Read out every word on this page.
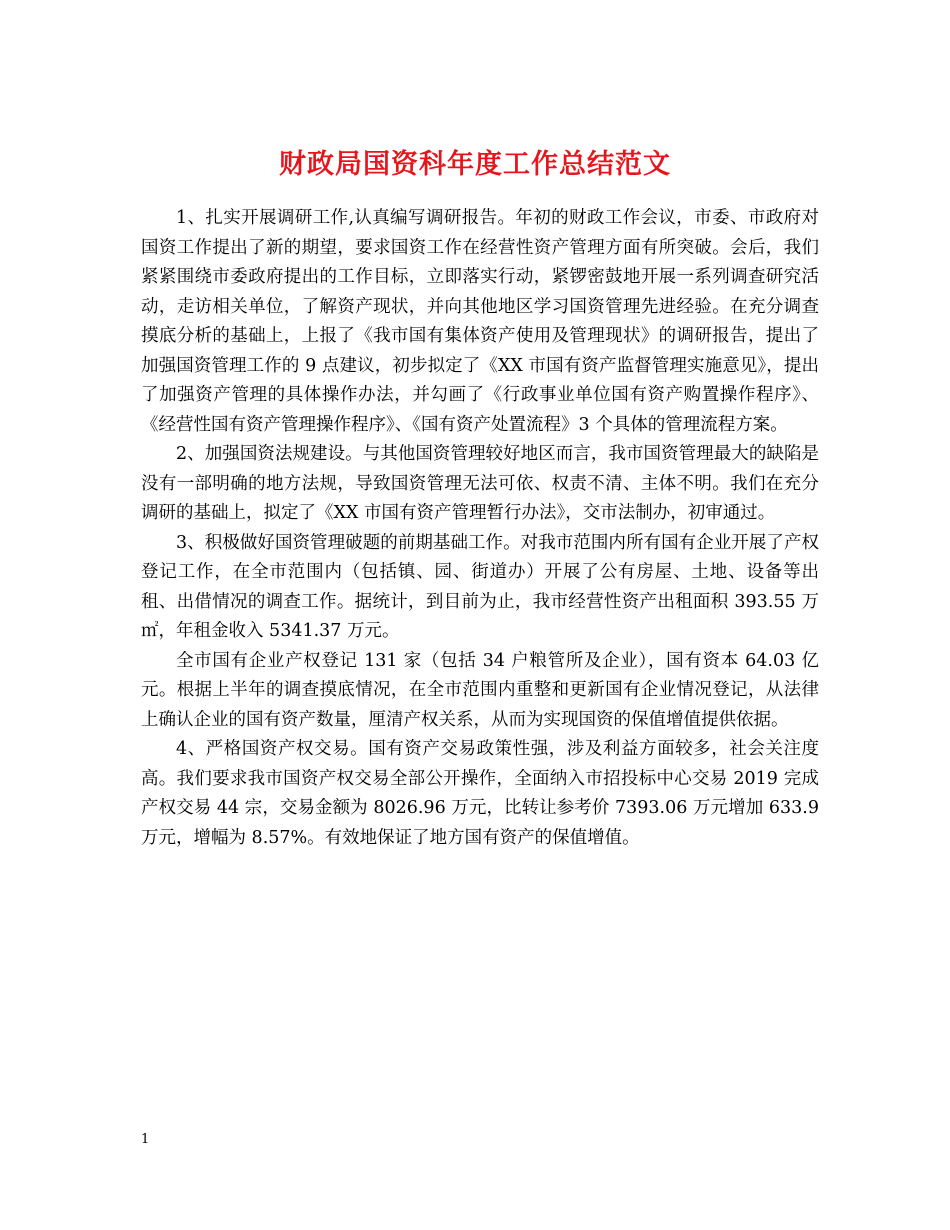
财政局国资科年度工作总结范文

1、扎实开展调研工作,认真编写调研报告。年初的财政工作会议，市委、市政府对国资工作提出了新的期望，要求国资工作在经营性资产管理方面有所突破。会后，我们紧紧围绕市委政府提出的工作目标，立即落实行动，紧锣密鼓地开展一系列调查研究活动，走访相关单位，了解资产现状，并向其他地区学习国资管理先进经验。在充分调查摸底分析的基础上，上报了《我市国有集体资产使用及管理现状》的调研报告，提出了加强国资管理工作的 9 点建议，初步拟定了《XX 市国有资产监督管理实施意见》，提出了加强资产管理的具体操作办法，并勾画了《行政事业单位国有资产购置操作程序》、《经营性国有资产管理操作程序》、《国有资产处置流程》3 个具体的管理流程方案。

2、加强国资法规建设。与其他国资管理较好地区而言，我市国资管理最大的缺陷是没有一部明确的地方法规，导致国资管理无法可依、权责不清、主体不明。我们在充分调研的基础上，拟定了《XX 市国有资产管理暂行办法》，交市法制办，初审通过。

3、积极做好国资管理破题的前期基础工作。对我市范围内所有国有企业开展了产权登记工作，在全市范围内（包括镇、园、街道办）开展了公有房屋、土地、设备等出租、出借情况的调查工作。据统计，到目前为止，我市经营性资产出租面积 393.55 万㎡，年租金收入 5341.37 万元。

全市国有企业产权登记 131 家（包括 34 户粮管所及企业），国有资本 64.03 亿元。根据上半年的调查摸底情况，在全市范围内重整和更新国有企业情况登记，从法律上确认企业的国有资产数量，厘清产权关系，从而为实现国资的保值增值提供依据。

4、严格国资产权交易。国有资产交易政策性强，涉及利益方面较多，社会关注度高。我们要求我市国资产权交易全部公开操作，全面纳入市招投标中心交易 2019 完成产权交易 44 宗，交易金额为 8026.96 万元，比转让参考价 7393.06 万元增加 633.9 万元，增幅为 8.57%。有效地保证了地方国有资产的保值增值。

1
